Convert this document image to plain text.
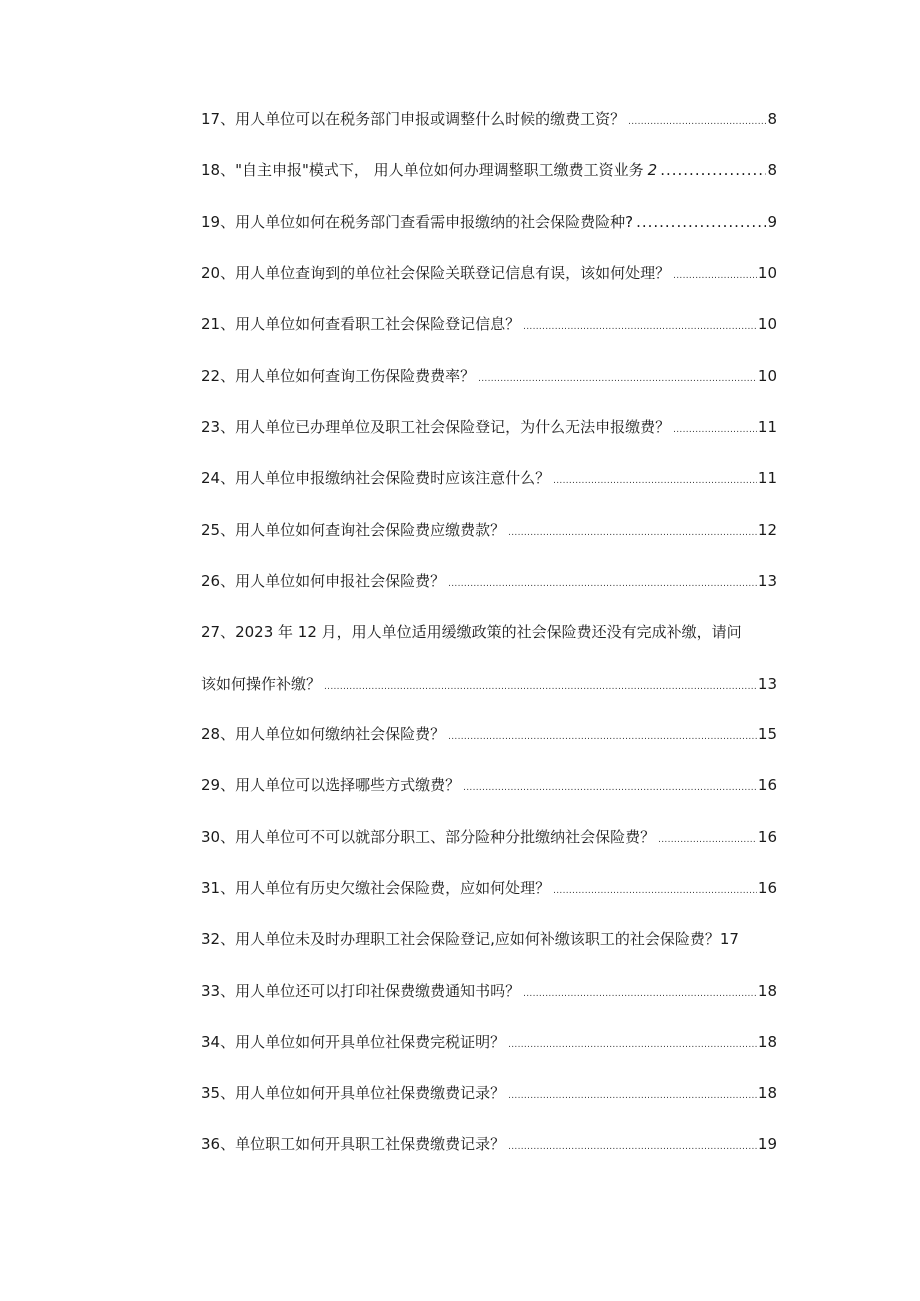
17、用人单位可以在税务部门申报或调整什么时候的缴费工资？ .....	8
18、"自主申报"模式下， 用人单位如何办理调整职工缴费工资业务 2 .....	8
19、用人单位如何在税务部门查看需申报缴纳的社会保险费险种? .....	9
20、用人单位查询到的单位社会保险关联登记信息有误，该如何处理？ .....	10
21、用人单位如何查看职工社会保险登记信息？ .....	10
22、用人单位如何查询工伤保险费费率？ .....	10
23、用人单位已办理单位及职工社会保险登记，为什么无法申报缴费？ .....	11
24、用人单位申报缴纳社会保险费时应该注意什么？ .....	11
25、用人单位如何查询社会保险费应缴费款？ .....	12
26、用人单位如何申报社会保险费？ .....	13
27、2023 年 12 月，用人单位适用缓缴政策的社会保险费还没有完成补缴，请问
该如何操作补缴？ .....	13
28、用人单位如何缴纳社会保险费？ .....	15
29、用人单位可以选择哪些方式缴费？ .....	16
30、用人单位可不可以就部分职工、部分险种分批缴纳社会保险费？ .....	16
31、用人单位有历史欠缴社会保险费，应如何处理？ .....	16
32、用人单位未及时办理职工社会保险登记,应如何补缴该职工的社会保险费？17
33、用人单位还可以打印社保费缴费通知书吗？ .....	18
34、用人单位如何开具单位社保费完税证明？ .....	18
35、用人单位如何开具单位社保费缴费记录？ .....	18
36、单位职工如何开具职工社保费缴费记录？ .....	19
